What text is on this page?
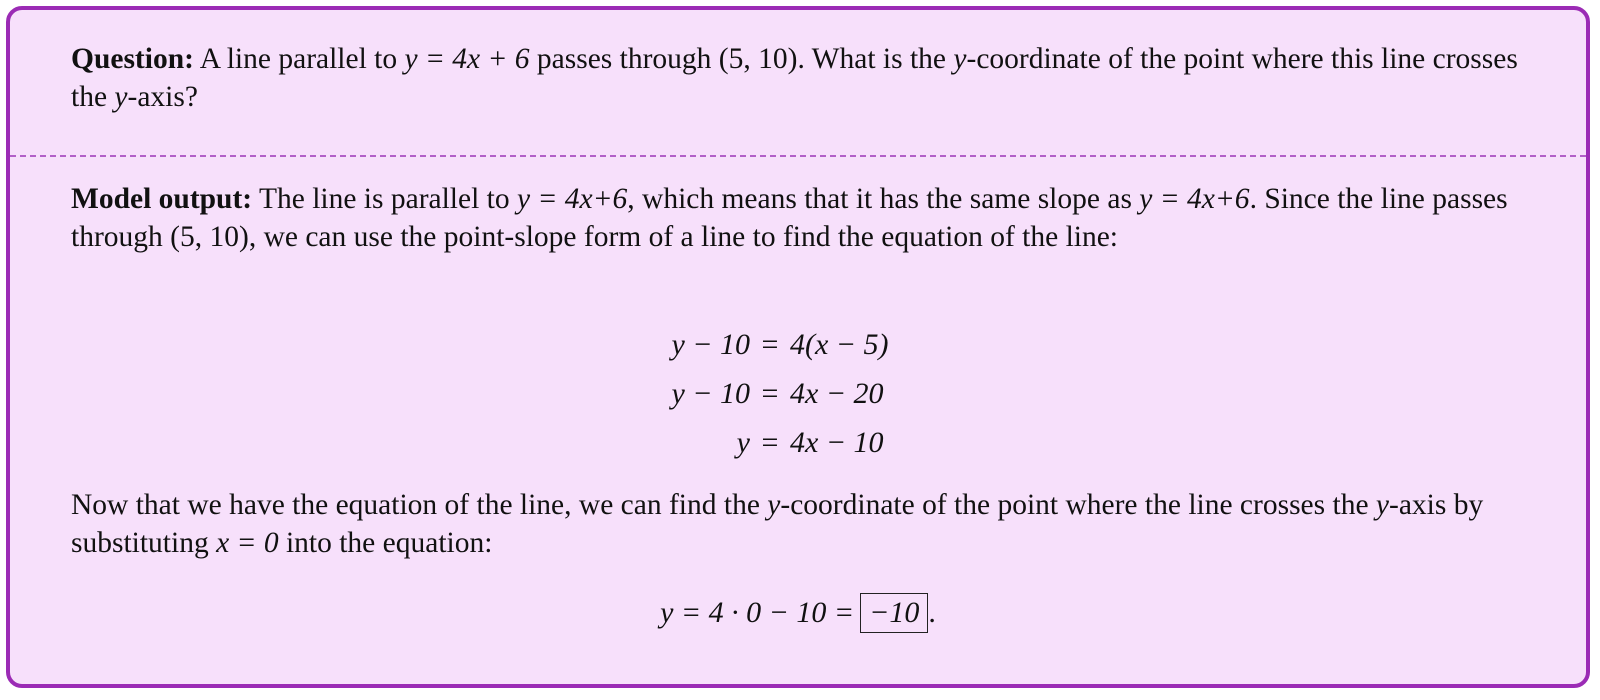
Question: A line parallel to y = 4x + 6 passes through (5, 10). What is the y-coordinate of the point where this line crosses the y-axis?

Model output: The line is parallel to y = 4x+6, which means that it has the same slope as y = 4x+6. Since the line passes through (5, 10), we can use the point-slope form of a line to find the equation of the line:

y − 10 = 4(x − 5)
y − 10 = 4x − 20
y = 4x − 10

Now that we have the equation of the line, we can find the y-coordinate of the point where the line crosses the y-axis by substituting x = 0 into the equation:

y = 4 · 0 − 10 = −10 .
